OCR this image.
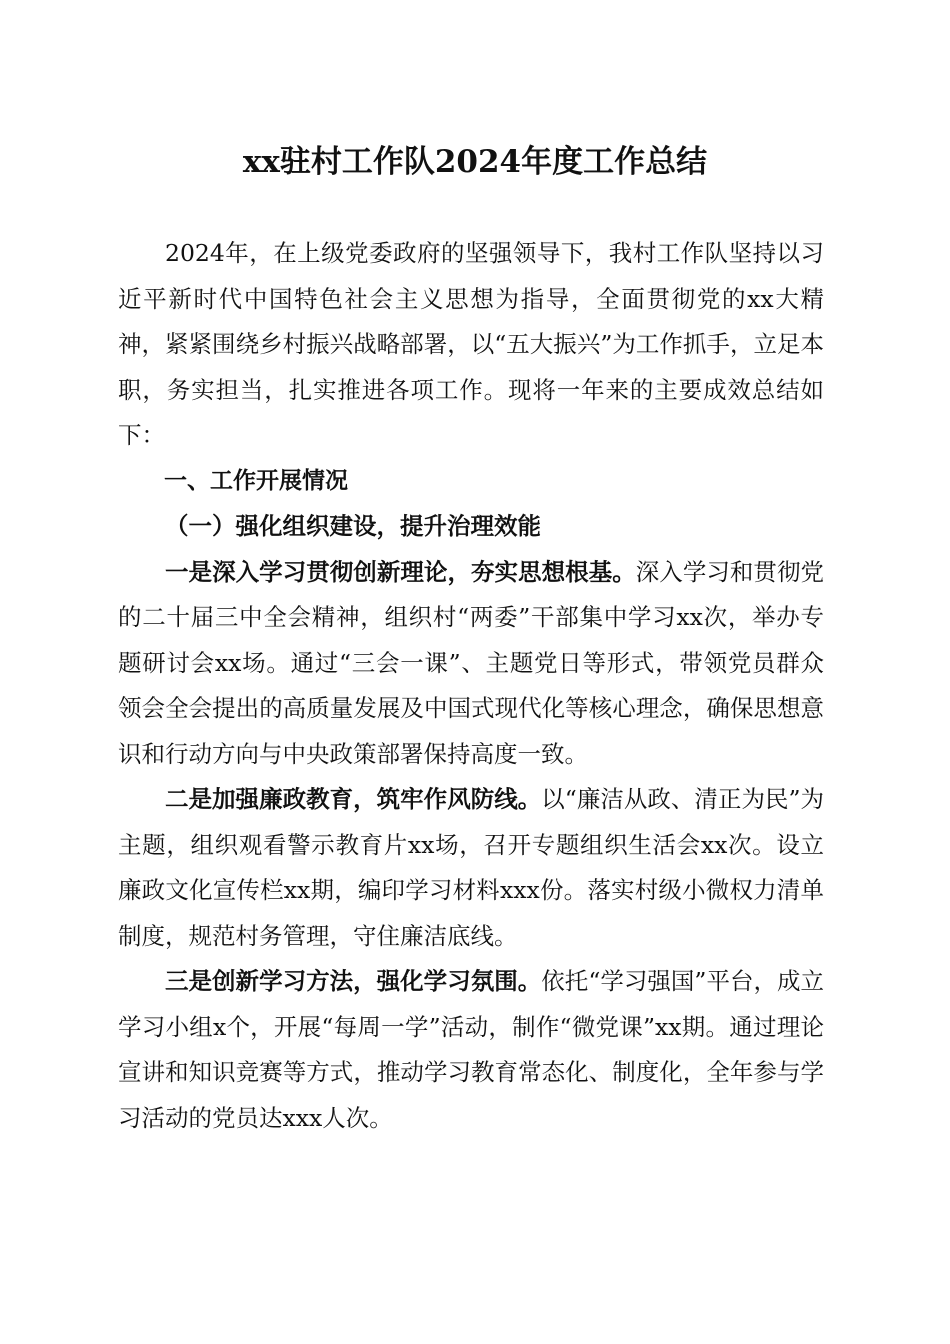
xx驻村工作队2024年度工作总结

2024年，在上级党委政府的坚强领导下，我村工作队坚持以习近平新时代中国特色社会主义思想为指导，全面贯彻党的xx大精神，紧紧围绕乡村振兴战略部署，以“五大振兴”为工作抓手，立足本职，务实担当，扎实推进各项工作。现将一年来的主要成效总结如下：

一、工作开展情况

（一）强化组织建设，提升治理效能

一是深入学习贯彻创新理论，夯实思想根基。深入学习和贯彻党的二十届三中全会精神，组织村“两委”干部集中学习xx次，举办专题研讨会xx场。通过“三会一课”、主题党日等形式，带领党员群众领会全会提出的高质量发展及中国式现代化等核心理念，确保思想意识和行动方向与中央政策部署保持高度一致。

二是加强廉政教育，筑牢作风防线。以“廉洁从政、清正为民”为主题，组织观看警示教育片xx场，召开专题组织生活会xx次。设立廉政文化宣传栏xx期，编印学习材料xxx份。落实村级小微权力清单制度，规范村务管理，守住廉洁底线。

三是创新学习方法，强化学习氛围。依托“学习强国”平台，成立学习小组x个，开展“每周一学”活动，制作“微党课”xx期。通过理论宣讲和知识竞赛等方式，推动学习教育常态化、制度化，全年参与学习活动的党员达xxx人次。
